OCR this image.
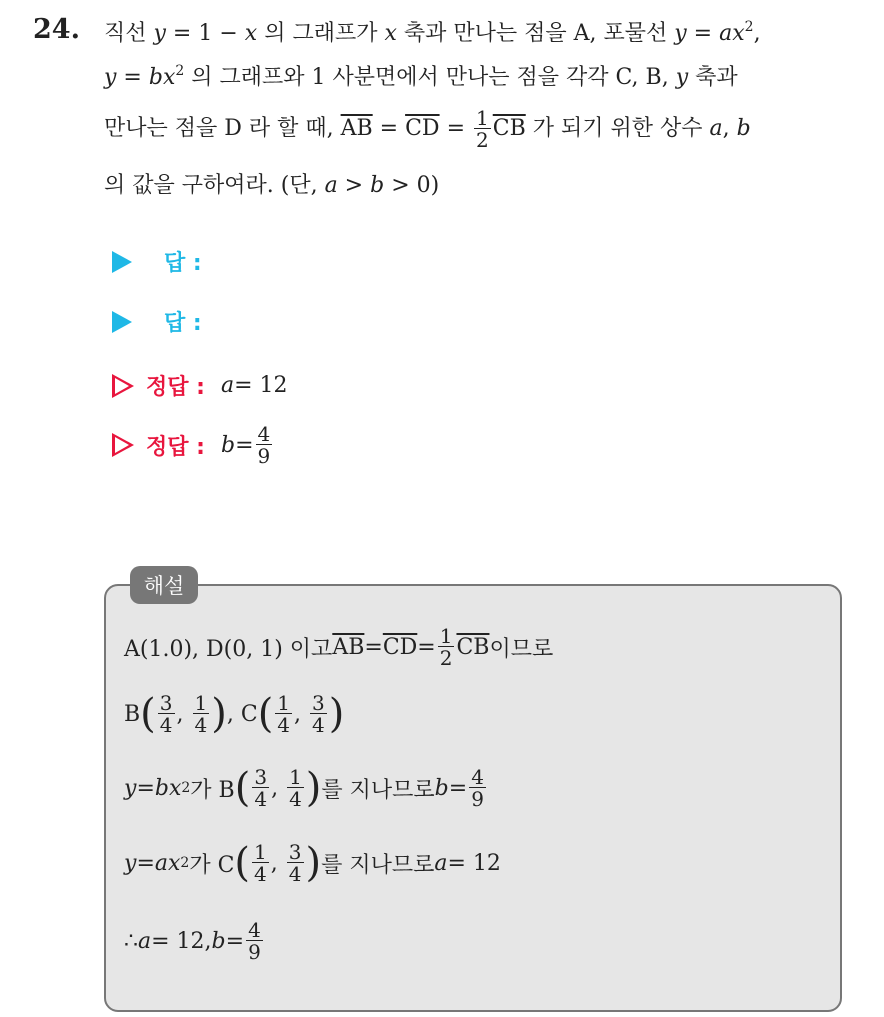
24. 직선 y = 1 − x 의 그래프가 x 축과 만나는 점을 A, 포물선 $y = ax^2$,
$y = bx^2$ 의 그래프와 1 사분면에서 만나는 점을 각각 C, B, y 축과
만나는 점을 D 라 할 때, $\overline{AB} = \overline{CD} = \frac{1}{2} \overline{CB}$ 가 되기 위한 상수 a, b
의 값을 구하여라. (단, a > b > 0)
답 :
답 :
정답 : a = 12
정답 : $b = \frac{4}{9}$
해설
A(1.0), D(0, 1) 이고 $\overline{AB} = \overline{CD} = \frac{1}{2} \overline{CB}$ 이므로
B ( $\frac{3}{4}$ , $\frac{1}{4}$ ) , C ( $\frac{1}{4}$ , $\frac{3}{4}$ )
y = bx 2 가 B ( $\frac{3}{4}$ , $\frac{1}{4}$ ) 를 지나므로 $b = \frac{4}{9}$
y = ax 2 가 C ( $\frac{1}{4}$ , $\frac{3}{4}$ ) 를 지나므로 a = 12
∴ a = 12, $b = \frac{4}{9}$
